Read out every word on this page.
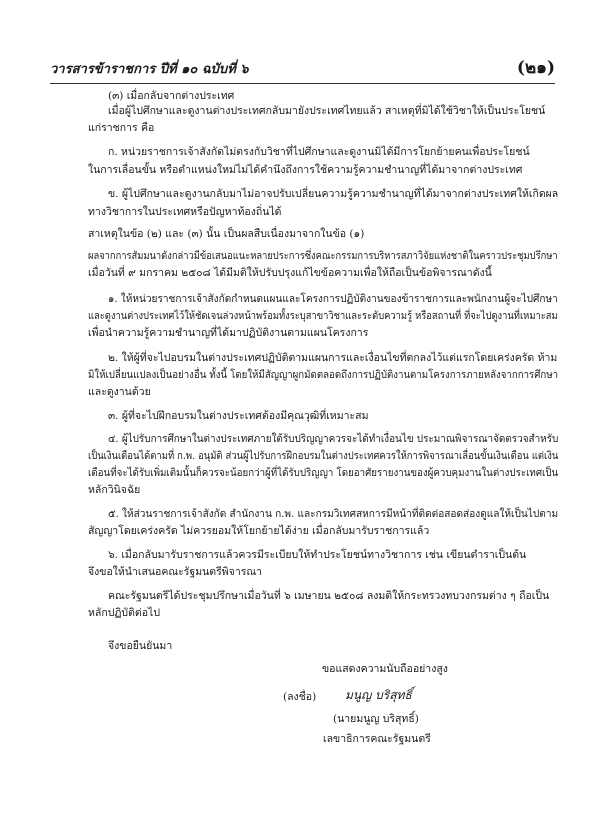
วารสารข้าราชการ ปีที่ ๑๐ ฉบับที่ ๖	(๒๑)
(๓) เมื่อกลับจากต่างประเทศ
เมื่อผู้ไปศึกษาและดูงานต่างประเทศกลับมายังประเทศไทยแล้ว สาเหตุที่มิได้ใช้วิชาให้เป็นประโยชน์
แก่ราชการ คือ
ก. หน่วยราชการเจ้าสังกัดไม่ตรงกับวิชาที่ไปศึกษาและดูงานมิได้มีการโยกย้ายคนเพื่อประโยชน์
ในการเลื่อนขั้น หรือตำแหน่งใหม่ไม่ได้คำนึงถึงการใช้ความรู้ความชำนาญที่ได้มาจากต่างประเทศ
ข. ผู้ไปศึกษาและดูงานกลับมาไม่อาจปรับเปลี่ยนความรู้ความชำนาญที่ได้มาจากต่างประเทศให้เกิดผล
ทางวิชาการในประเทศหรือปัญหาท้องถิ่นได้
สาเหตุในข้อ (๒) และ (๓) นั้น เป็นผลสืบเนื่องมาจากในข้อ (๑)
ผลจากการสัมมนาดังกล่าวมีข้อเสนอแนะหลายประการซึ่งคณะกรรมการบริหารสภาวิจัยแห่งชาติในคราวประชุมปรึกษา
เมื่อวันที่ ๙ มกราคม ๒๕๐๘ ได้มีมติให้ปรับปรุงแก้ไขข้อความเพื่อให้ถือเป็นข้อพิจารณาดังนี้
๑. ให้หน่วยราชการเจ้าสังกัดกำหนดแผนและโครงการปฏิบัติงานของข้าราชการและพนักงานผู้จะไปศึกษา
และดูงานต่างประเทศไว้ให้ชัดเจนล่วงหน้าพร้อมทั้งระบุสาขาวิชาและระดับความรู้ หรือสถานที่ ที่จะไปดูงานที่เหมาะสม
เพื่อนำความรู้ความชำนาญที่ได้มาปฏิบัติงานตามแผนโครงการ
๒. ให้ผู้ที่จะไปอบรมในต่างประเทศปฏิบัติตามแผนการและเงื่อนไขที่ตกลงไว้แต่แรกโดยเคร่งครัด ห้าม
มิให้เปลี่ยนแปลงเป็นอย่างอื่น ทั้งนี้ โดยให้มีสัญญาผูกมัดตลอดถึงการปฏิบัติงานตามโครงการภายหลังจากการศึกษา
และดูงานด้วย
๓. ผู้ที่จะไปฝึกอบรมในต่างประเทศต้องมีคุณวุฒิที่เหมาะสม
๔. ผู้ไปรับการศึกษาในต่างประเทศภายใต้รับปริญญาควรจะได้ทำเงื่อนไข ประมาณพิจารณาจัดตรวจสำหรับ
เป็นเงินเดือนได้ตามที่ ก.พ. อนุมัติ ส่วนผู้ไปรับการฝึกอบรมในต่างประเทศควรให้การพิจารณาเลื่อนขั้นเงินเดือน แต่เงิน
เดือนที่จะได้รับเพิ่มเติมนั้นก็ควรจะน้อยกว่าผู้ที่ได้รับปริญญา โดยอาศัยรายงานของผู้ควบคุมงานในต่างประเทศเป็น
หลักวินิจฉัย
๕. ให้ส่วนราชการเจ้าสังกัด สำนักงาน ก.พ. และกรมวิเทศสหการมีหน้าที่ติดต่อสอดส่องดูแลให้เป็นไปตาม
สัญญาโดยเคร่งครัด ไม่ควรยอมให้โยกย้ายได้ง่าย เมื่อกลับมารับราชการแล้ว
๖. เมื่อกลับมารับราชการแล้วควรมีระเบียบให้ทำประโยชน์ทางวิชาการ เช่น เขียนตำราเป็นต้น
จึงขอให้นำเสนอคณะรัฐมนตรีพิจารณา
คณะรัฐมนตรีได้ประชุมปรึกษาเมื่อวันที่ ๖ เมษายน ๒๕๐๘ ลงมติให้กระทรวงทบวงกรมต่าง ๆ ถือเป็น
หลักปฏิบัติต่อไป
จึงขอยืนยันมา
ขอแสดงความนับถืออย่างสูง
(ลงชื่อ) มนูญ บริสุทธิ์
(นายมนูญ บริสุทธิ์)
เลขาธิการคณะรัฐมนตรี
